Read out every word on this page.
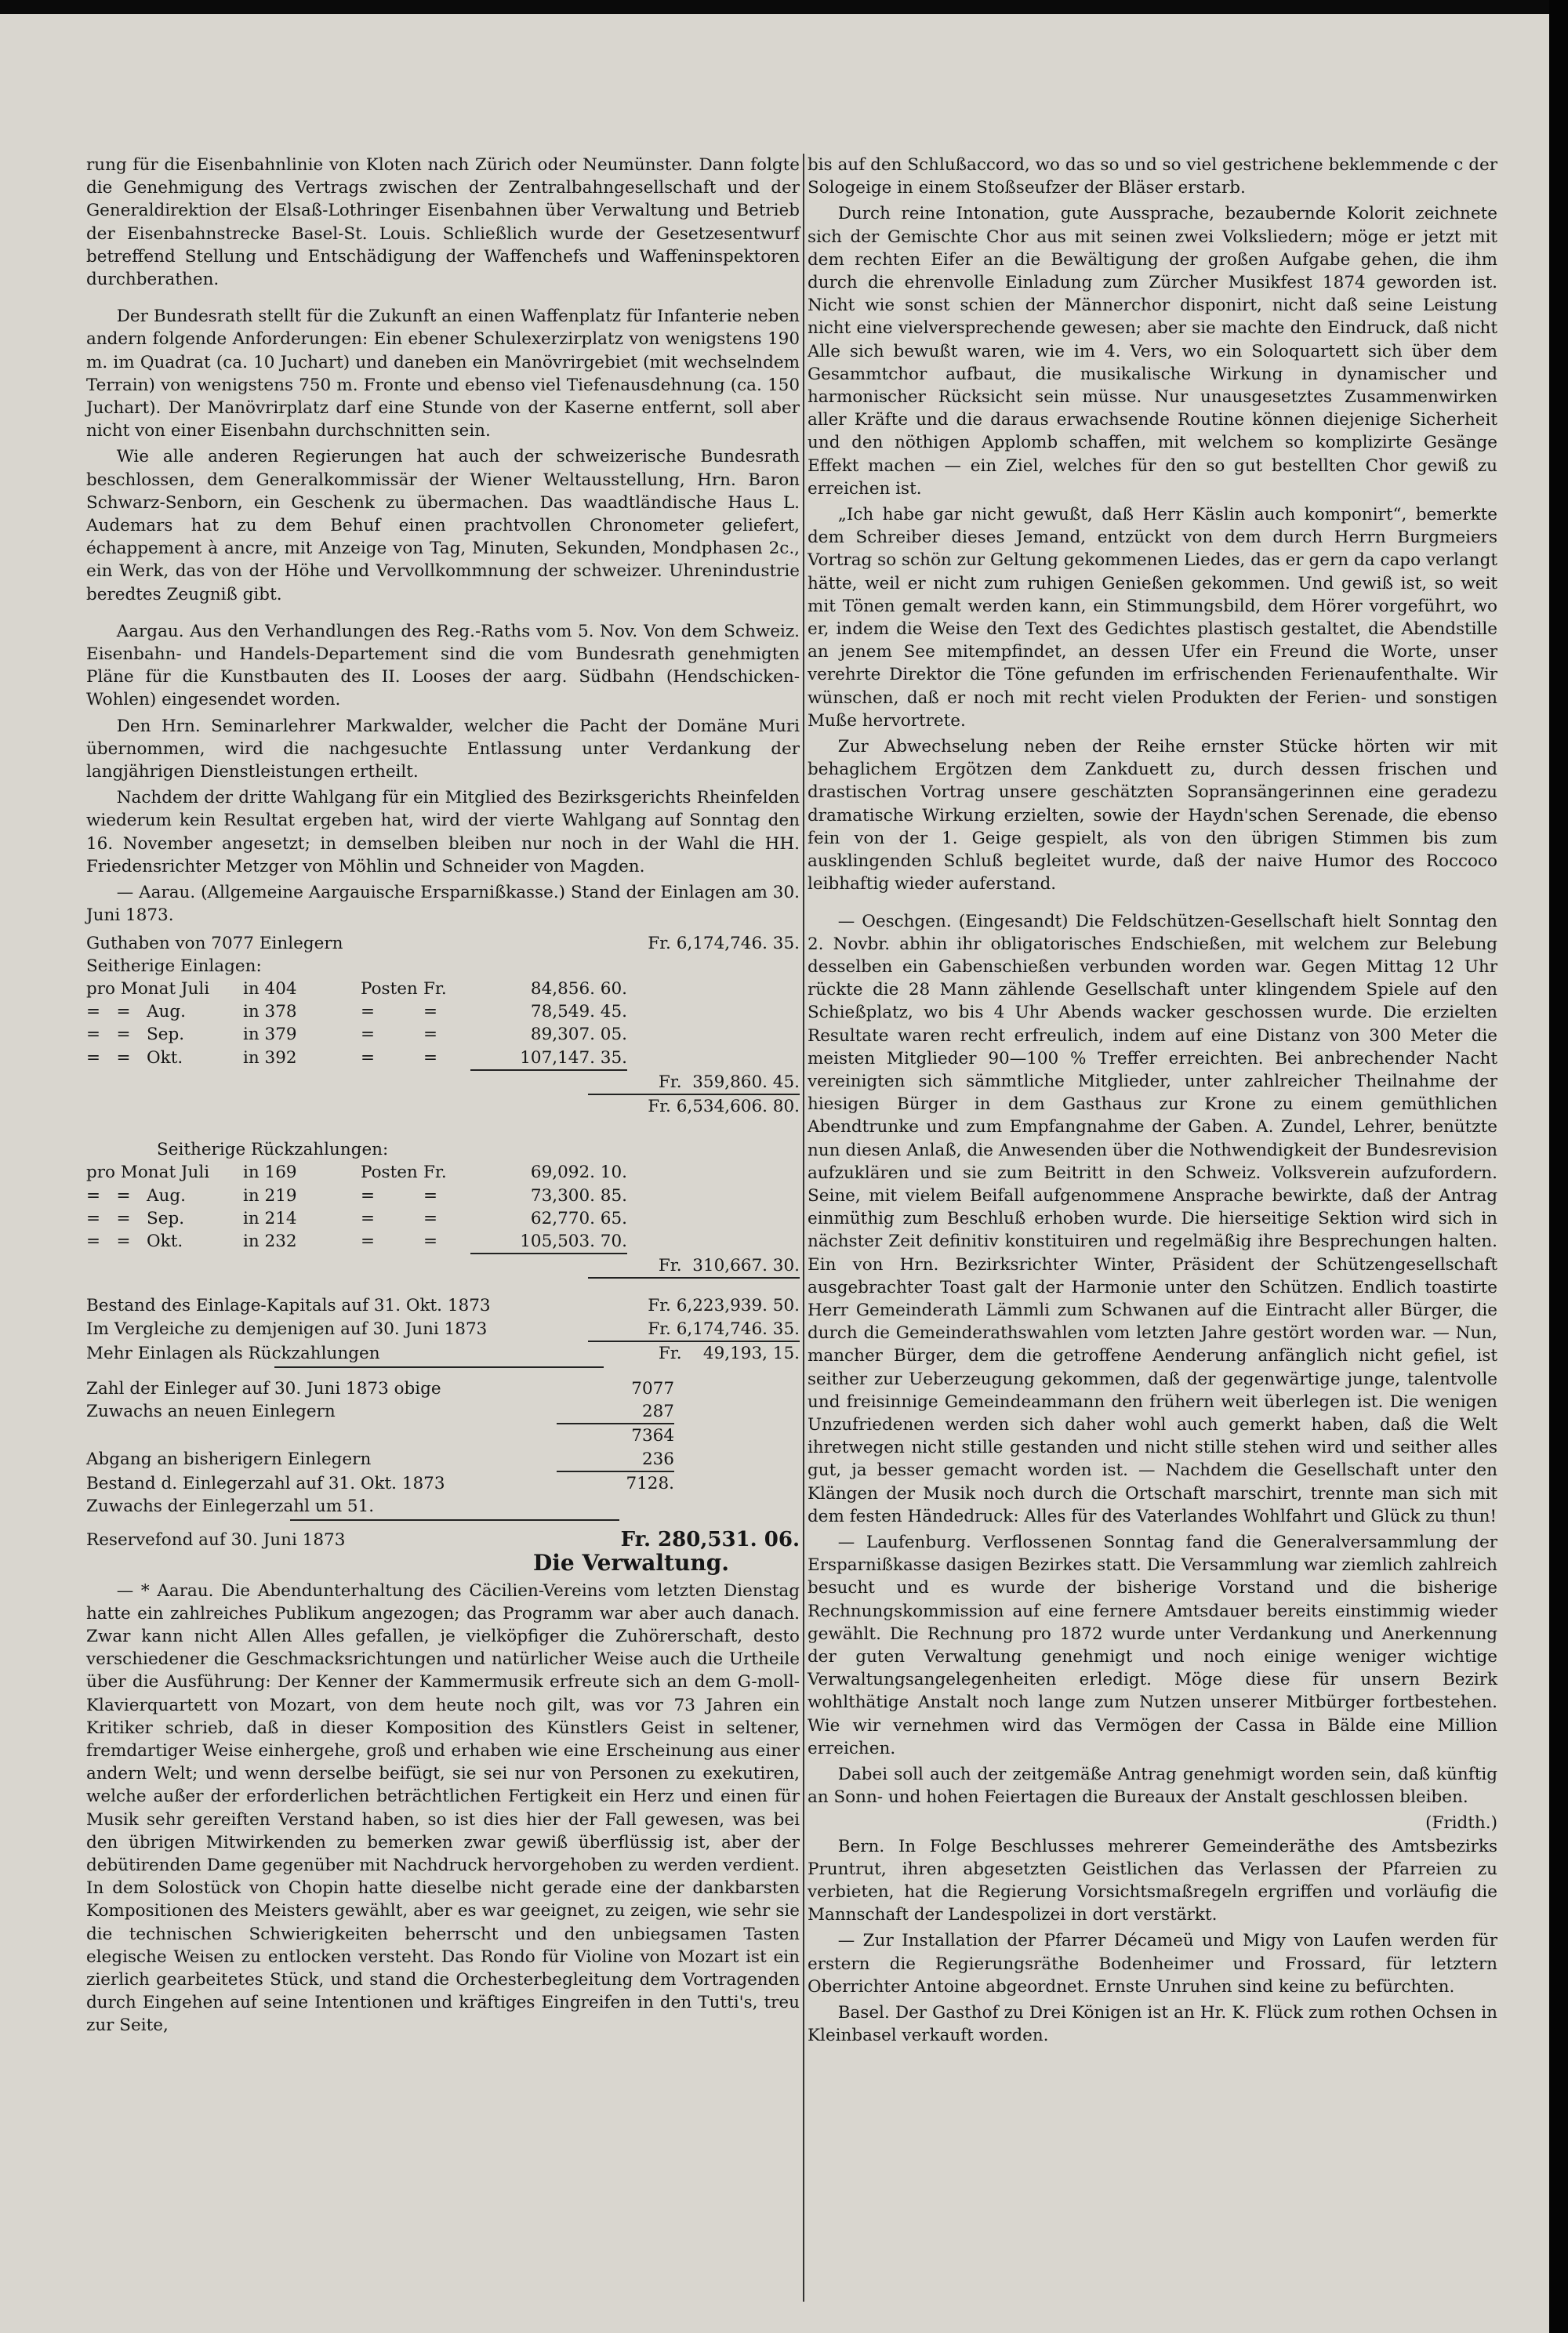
rung für die Eisenbahnlinie von Kloten nach Zürich oder Neumünster. Dann folgte die Genehmigung des Vertrags zwischen der Zentralbahngesellschaft und der Generaldirektion der Elsaß-Lothringer Eisenbahnen über Verwaltung und Betrieb der Eisenbahnstrecke Basel-St. Louis. Schließlich wurde der Gesetzesentwurf betreffend Stellung und Entschädigung der Waffenchefs und Waffeninspektoren durchberathen.

Der Bundesrath stellt für die Zukunft an einen Waffenplatz für Infanterie neben andern folgende Anforderungen: Ein ebener Schulexerzirplatz von wenigstens 190 m. im Quadrat (ca. 10 Juchart) und daneben ein Manövrirgebiet (mit wechselndem Terrain) von wenigstens 750 m. Fronte und ebenso viel Tiefenausdehnung (ca. 150 Juchart). Der Manövrirplatz darf eine Stunde von der Kaserne entfernt, soll aber nicht von einer Eisenbahn durchschnitten sein.

Wie alle anderen Regierungen hat auch der schweizerische Bundesrath beschlossen, dem Generalkommissär der Wiener Weltausstellung, Hrn. Baron Schwarz-Senborn, ein Geschenk zu übermachen. Das waadtländische Haus L. Audemars hat zu dem Behuf einen prachtvollen Chronometer geliefert, échappement à ancre, mit Anzeige von Tag, Minuten, Sekunden, Mondphasen 2c., ein Werk, das von der Höhe und Vervollkommnung der schweizer. Uhrenindustrie beredtes Zeugniß gibt.

Aargau. Aus den Verhandlungen des Reg.-Raths vom 5. Nov. Von dem Schweiz. Eisenbahn- und Handels-Departement sind die vom Bundesrath genehmigten Pläne für die Kunstbauten des II. Looses der aarg. Südbahn (Hendschicken-Wohlen) eingesendet worden.

Den Hrn. Seminarlehrer Markwalder, welcher die Pacht der Domäne Muri übernommen, wird die nachgesuchte Entlassung unter Verdankung der langjährigen Dienstleistungen ertheilt.

Nachdem der dritte Wahlgang für ein Mitglied des Bezirksgerichts Rheinfelden wiederum kein Resultat ergeben hat, wird der vierte Wahlgang auf Sonntag den 16. November angesetzt; in demselben bleiben nur noch in der Wahl die HH. Friedensrichter Metzger von Möhlin und Schneider von Magden.

— Aarau. (Allgemeine Aargauische Ersparnißkasse.) Stand der Einlagen am 30. Juni 1873.

Guthaben von 7077 Einlegern	Fr. 6,174,746. 35.
Seitherige Einlagen:
pro Monat Juli	in 404	Posten Fr.	84,856. 60.
=   =   Aug.	in 378	=	=	78,549. 45.
=   =   Sep.	in 379	=	=	89,307. 05.
=   =   Okt.	in 392	=	=	107,147. 35.
Fr.  359,860. 45.
Fr. 6,534,606. 80.
Seitherige Rückzahlungen:
pro Monat Juli	in 169	Posten Fr.	69,092. 10.
=   =   Aug.	in 219	=	=	73,300. 85.
=   =   Sep.	in 214	=	=	62,770. 65.
=   =   Okt.	in 232	=	=	105,503. 70.
Fr.  310,667. 30.
Bestand des Einlage-Kapitals auf 31. Okt. 1873	Fr. 6,223,939. 50.
Im Vergleiche zu demjenigen auf 30. Juni 1873	Fr. 6,174,746. 35.
Mehr Einlagen als Rückzahlungen	Fr.    49,193, 15.
Zahl der Einleger auf 30. Juni 1873 obige	7077
Zuwachs an neuen Einlegern	287
7364
Abgang an bisherigern Einlegern	236
Bestand d. Einlegerzahl auf 31. Okt. 1873	7128.
Zuwachs der Einlegerzahl um 51.
Reservefond auf 30. Juni 1873	Fr. 280,531. 06.
Die Verwaltung.

— * Aarau. Die Abendunterhaltung des Cäcilien-Vereins vom letzten Dienstag hatte ein zahlreiches Publikum angezogen; das Programm war aber auch danach. Zwar kann nicht Allen Alles gefallen, je vielköpfiger die Zuhörerschaft, desto verschiedener die Geschmacksrichtungen und natürlicher Weise auch die Urtheile über die Ausführung: Der Kenner der Kammermusik erfreute sich an dem G-moll-Klavierquartett von Mozart, von dem heute noch gilt, was vor 73 Jahren ein Kritiker schrieb, daß in dieser Komposition des Künstlers Geist in seltener, fremdartiger Weise einhergehe, groß und erhaben wie eine Erscheinung aus einer andern Welt; und wenn derselbe beifügt, sie sei nur von Personen zu exekutiren, welche außer der erforderlichen beträchtlichen Fertigkeit ein Herz und einen für Musik sehr gereiften Verstand haben, so ist dies hier der Fall gewesen, was bei den übrigen Mitwirkenden zu bemerken zwar gewiß überflüssig ist, aber der debütirenden Dame gegenüber mit Nachdruck hervorgehoben zu werden verdient. In dem Solostück von Chopin hatte dieselbe nicht gerade eine der dankbarsten Kompositionen des Meisters gewählt, aber es war geeignet, zu zeigen, wie sehr sie die technischen Schwierigkeiten beherrscht und den unbiegsamen Tasten elegische Weisen zu entlocken versteht. Das Rondo für Violine von Mozart ist ein zierlich gearbeitetes Stück, und stand die Orchesterbegleitung dem Vortragenden durch Eingehen auf seine Intentionen und kräftiges Eingreifen in den Tutti's, treu zur Seite,

bis auf den Schlußaccord, wo das so und so viel gestrichene beklemmende c der Sologeige in einem Stoßseufzer der Bläser erstarb.

Durch reine Intonation, gute Aussprache, bezaubernde Kolorit zeichnete sich der Gemischte Chor aus mit seinen zwei Volksliedern; möge er jetzt mit dem rechten Eifer an die Bewältigung der großen Aufgabe gehen, die ihm durch die ehrenvolle Einladung zum Zürcher Musikfest 1874 geworden ist. Nicht wie sonst schien der Männerchor disponirt, nicht daß seine Leistung nicht eine vielversprechende gewesen; aber sie machte den Eindruck, daß nicht Alle sich bewußt waren, wie im 4. Vers, wo ein Soloquartett sich über dem Gesammtchor aufbaut, die musikalische Wirkung in dynamischer und harmonischer Rücksicht sein müsse. Nur unausgesetztes Zusammenwirken aller Kräfte und die daraus erwachsende Routine können diejenige Sicherheit und den nöthigen Applomb schaffen, mit welchem so komplizirte Gesänge Effekt machen — ein Ziel, welches für den so gut bestellten Chor gewiß zu erreichen ist.

„Ich habe gar nicht gewußt, daß Herr Käslin auch komponirt“, bemerkte dem Schreiber dieses Jemand, entzückt von dem durch Herrn Burgmeiers Vortrag so schön zur Geltung gekommenen Liedes, das er gern da capo verlangt hätte, weil er nicht zum ruhigen Genießen gekommen. Und gewiß ist, so weit mit Tönen gemalt werden kann, ein Stimmungsbild, dem Hörer vorgeführt, wo er, indem die Weise den Text des Gedichtes plastisch gestaltet, die Abendstille an jenem See mitempfindet, an dessen Ufer ein Freund die Worte, unser verehrte Direktor die Töne gefunden im erfrischenden Ferienaufenthalte. Wir wünschen, daß er noch mit recht vielen Produkten der Ferien- und sonstigen Muße hervortrete.

Zur Abwechselung neben der Reihe ernster Stücke hörten wir mit behaglichem Ergötzen dem Zankduett zu, durch dessen frischen und drastischen Vortrag unsere geschätzten Sopransängerinnen eine geradezu dramatische Wirkung erzielten, sowie der Haydn'schen Serenade, die ebenso fein von der 1. Geige gespielt, als von den übrigen Stimmen bis zum ausklingenden Schluß begleitet wurde, daß der naive Humor des Roccoco leibhaftig wieder auferstand.

— Oeschgen. (Eingesandt) Die Feldschützen-Gesellschaft hielt Sonntag den 2. Novbr. abhin ihr obligatorisches Endschießen, mit welchem zur Belebung desselben ein Gabenschießen verbunden worden war. Gegen Mittag 12 Uhr rückte die 28 Mann zählende Gesellschaft unter klingendem Spiele auf den Schießplatz, wo bis 4 Uhr Abends wacker geschossen wurde. Die erzielten Resultate waren recht erfreulich, indem auf eine Distanz von 300 Meter die meisten Mitglieder 90—100 % Treffer erreichten. Bei anbrechender Nacht vereinigten sich sämmtliche Mitglieder, unter zahlreicher Theilnahme der hiesigen Bürger in dem Gasthaus zur Krone zu einem gemüthlichen Abendtrunke und zum Empfangnahme der Gaben. A. Zundel, Lehrer, benützte nun diesen Anlaß, die Anwesenden über die Nothwendigkeit der Bundesrevision aufzuklären und sie zum Beitritt in den Schweiz. Volksverein aufzufordern. Seine, mit vielem Beifall aufgenommene Ansprache bewirkte, daß der Antrag einmüthig zum Beschluß erhoben wurde. Die hierseitige Sektion wird sich in nächster Zeit definitiv konstituiren und regelmäßig ihre Besprechungen halten. Ein von Hrn. Bezirksrichter Winter, Präsident der Schützengesellschaft ausgebrachter Toast galt der Harmonie unter den Schützen. Endlich toastirte Herr Gemeinderath Lämmli zum Schwanen auf die Eintracht aller Bürger, die durch die Gemeinderathswahlen vom letzten Jahre gestört worden war. — Nun, mancher Bürger, dem die getroffene Aenderung anfänglich nicht gefiel, ist seither zur Ueberzeugung gekommen, daß der gegenwärtige junge, talentvolle und freisinnige Gemeindeammann den frühern weit überlegen ist. Die wenigen Unzufriedenen werden sich daher wohl auch gemerkt haben, daß die Welt ihretwegen nicht stille gestanden und nicht stille stehen wird und seither alles gut, ja besser gemacht worden ist. — Nachdem die Gesellschaft unter den Klängen der Musik noch durch die Ortschaft marschirt, trennte man sich mit dem festen Händedruck: Alles für des Vaterlandes Wohlfahrt und Glück zu thun!

— Laufenburg. Verflossenen Sonntag fand die Generalversammlung der Ersparnißkasse dasigen Bezirkes statt. Die Versammlung war ziemlich zahlreich besucht und es wurde der bisherige Vorstand und die bisherige Rechnungskommission auf eine fernere Amtsdauer bereits einstimmig wieder gewählt. Die Rechnung pro 1872 wurde unter Verdankung und Anerkennung der guten Verwaltung genehmigt und noch einige weniger wichtige Verwaltungsangelegenheiten erledigt. Möge diese für unsern Bezirk wohlthätige Anstalt noch lange zum Nutzen unserer Mitbürger fortbestehen. Wie wir vernehmen wird das Vermögen der Cassa in Bälde eine Million erreichen.

Dabei soll auch der zeitgemäße Antrag genehmigt worden sein, daß künftig an Sonn- und hohen Feiertagen die Bureaux der Anstalt geschlossen bleiben.

(Fridth.)

Bern. In Folge Beschlusses mehrerer Gemeinderäthe des Amtsbezirks Pruntrut, ihren abgesetzten Geistlichen das Verlassen der Pfarreien zu verbieten, hat die Regierung Vorsichtsmaßregeln ergriffen und vorläufig die Mannschaft der Landespolizei in dort verstärkt.

— Zur Installation der Pfarrer Décameü und Migy von Laufen werden für erstern die Regierungsräthe Bodenheimer und Frossard, für letztern Oberrichter Antoine abgeordnet. Ernste Unruhen sind keine zu befürchten.

Basel. Der Gasthof zu Drei Königen ist an Hr. K. Flück zum rothen Ochsen in Kleinbasel verkauft worden.
